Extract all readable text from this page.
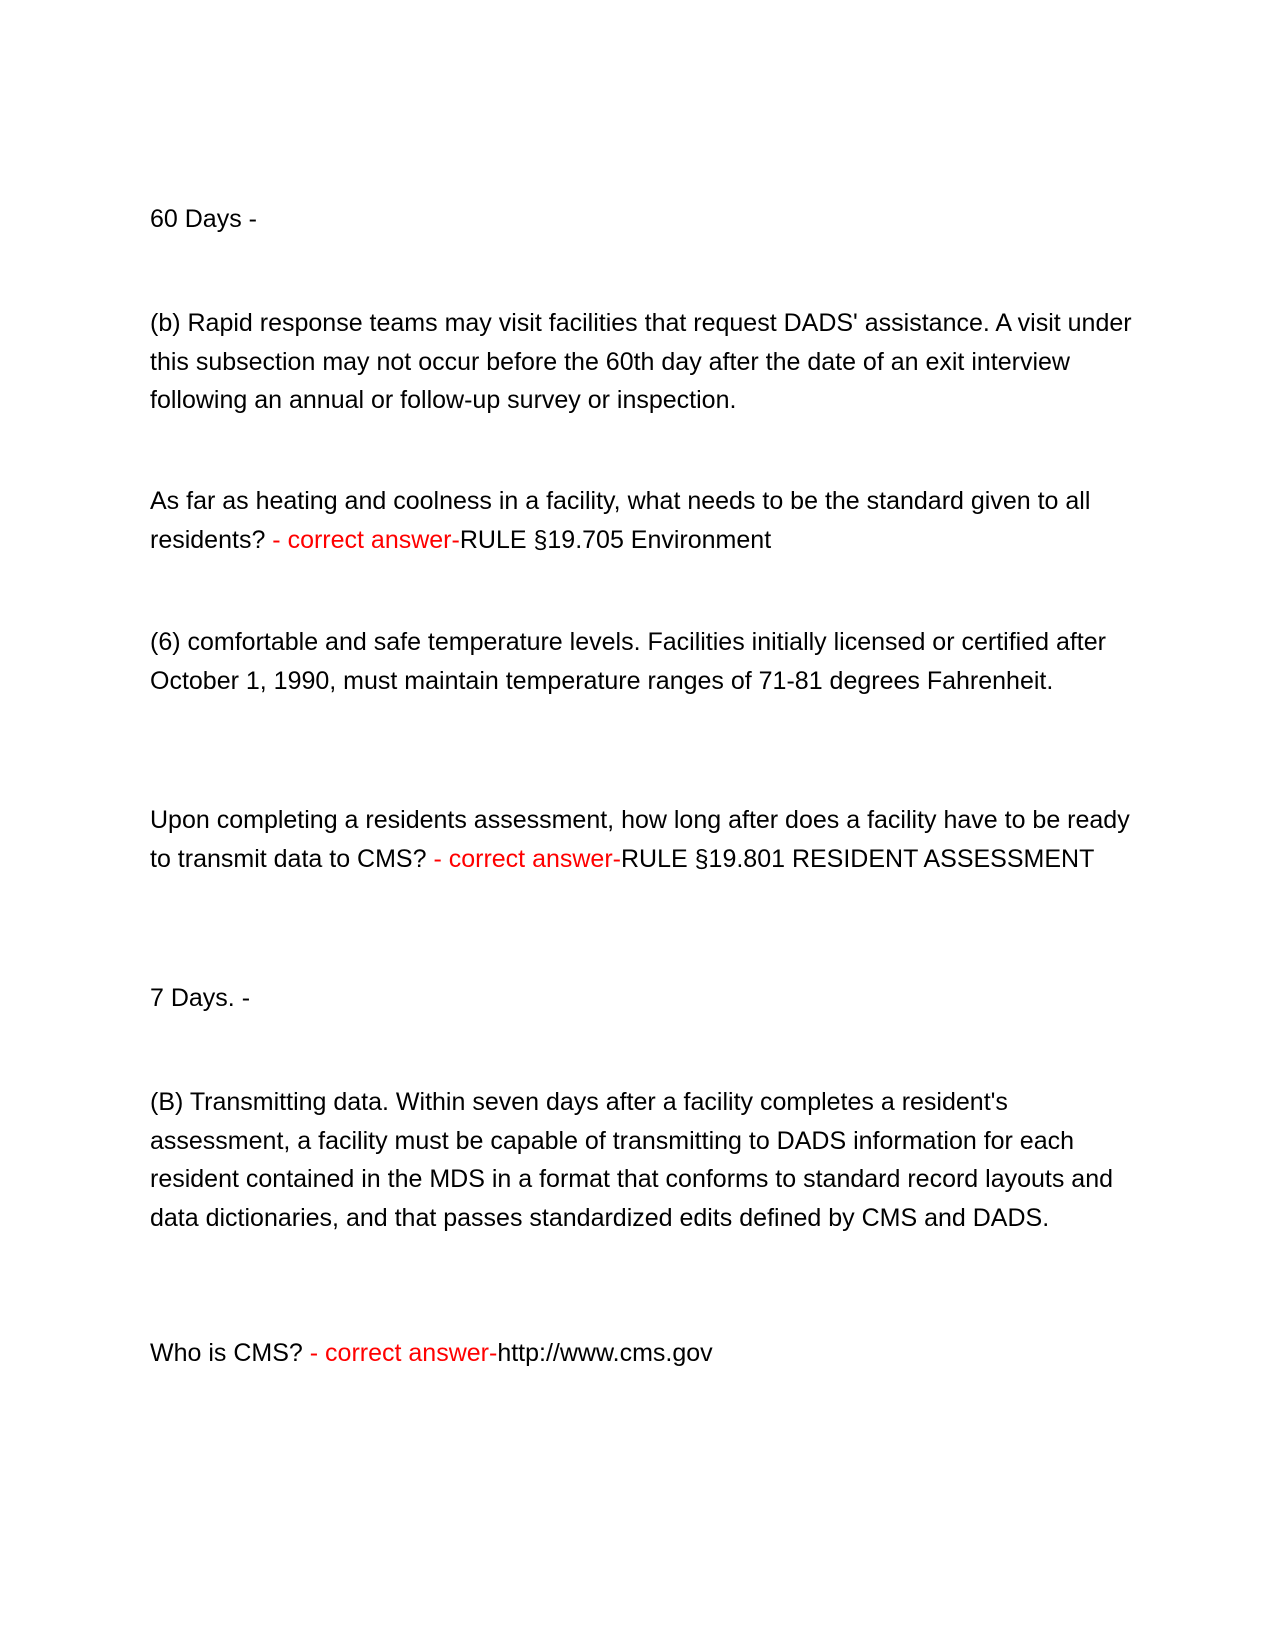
60 Days -

(b) Rapid response teams may visit facilities that request DADS' assistance. A visit under this subsection may not occur before the 60th day after the date of an exit interview following an annual or follow-up survey or inspection.

As far as heating and coolness in a facility, what needs to be the standard given to all residents? - correct answer-RULE §19.705 Environment

(6) comfortable and safe temperature levels. Facilities initially licensed or certified after October 1, 1990, must maintain temperature ranges of 71-81 degrees Fahrenheit.

Upon completing a residents assessment, how long after does a facility have to be ready to transmit data to CMS? - correct answer-RULE §19.801 RESIDENT ASSESSMENT

7 Days. -

(B) Transmitting data. Within seven days after a facility completes a resident's assessment, a facility must be capable of transmitting to DADS information for each resident contained in the MDS in a format that conforms to standard record layouts and data dictionaries, and that passes standardized edits defined by CMS and DADS.

Who is CMS? - correct answer-http://www.cms.gov
